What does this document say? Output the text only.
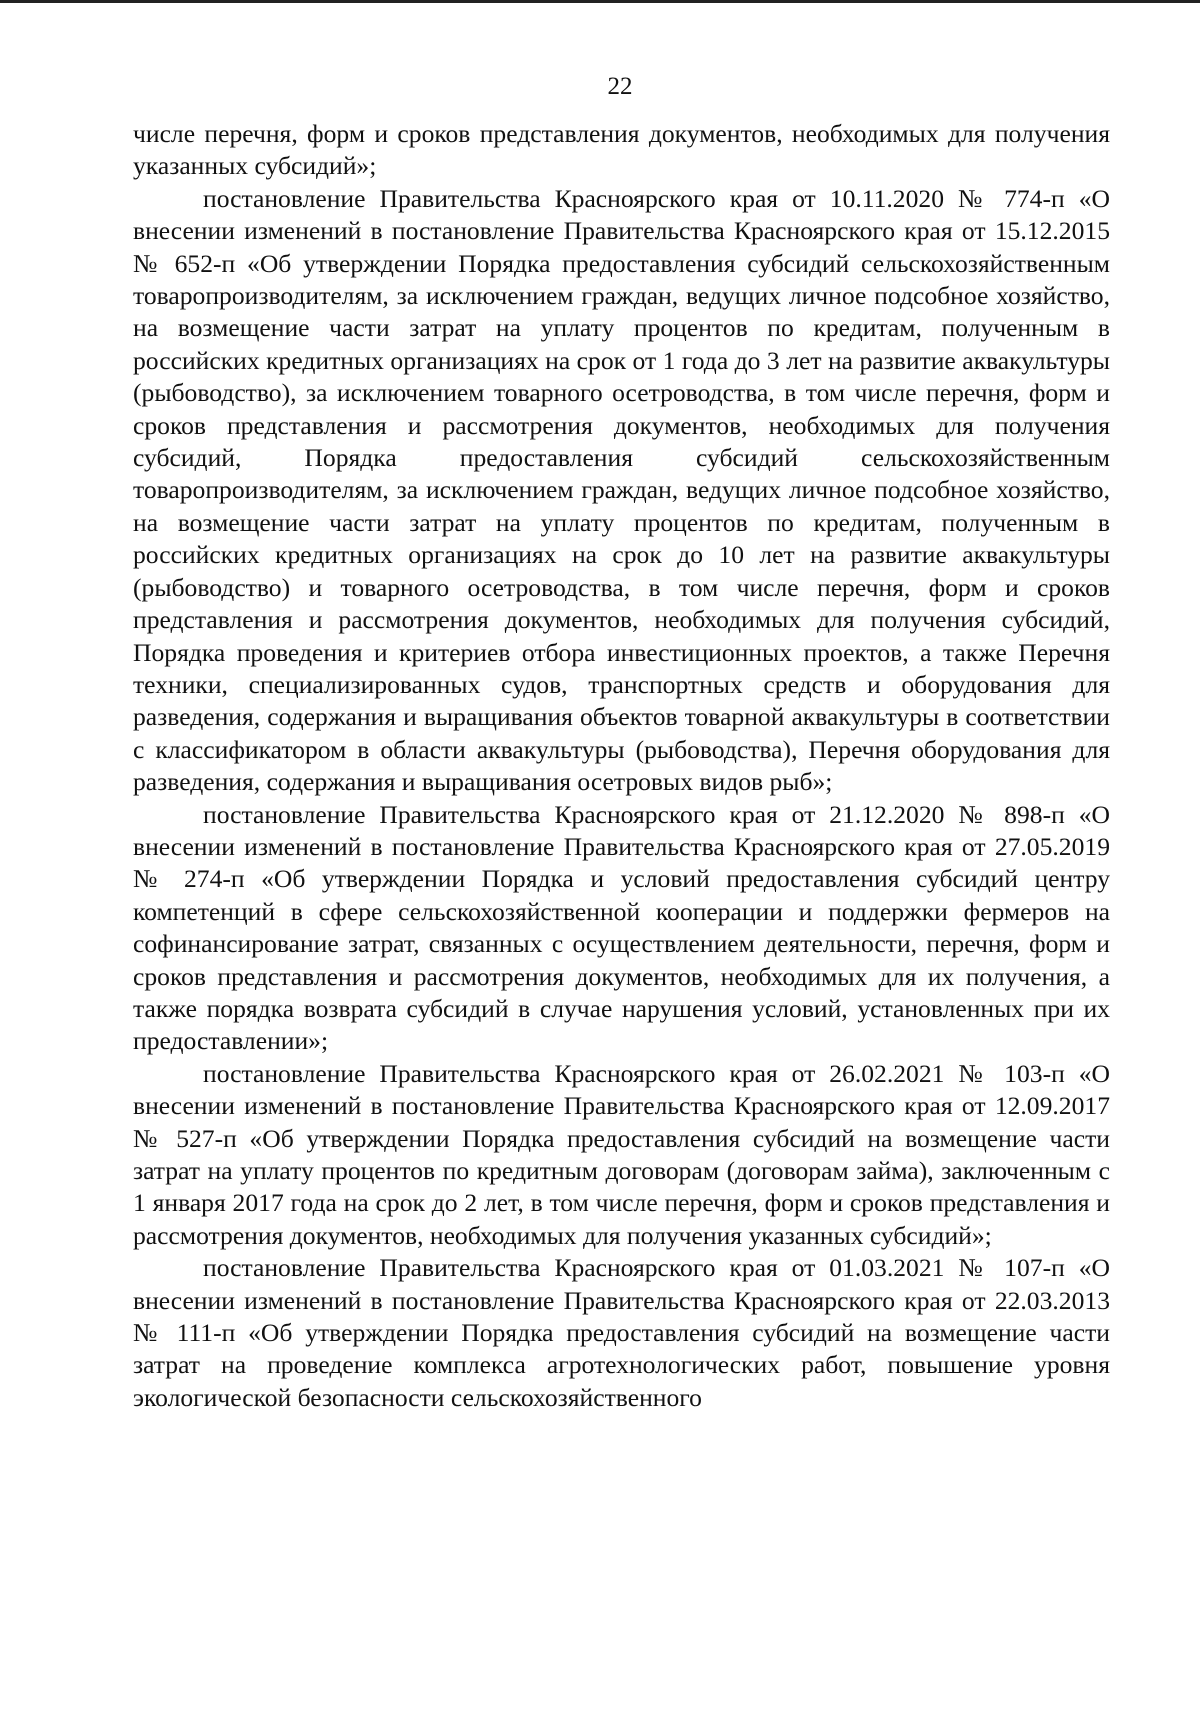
22

числе перечня, форм и сроков представления документов, необходимых для получения указанных субсидий»;

постановление Правительства Красноярского края от 10.11.2020 № 774-п «О внесении изменений в постановление Правительства Красноярского края от 15.12.2015 № 652-п «Об утверждении Порядка предоставления субсидий сельскохозяйственным товаропроизводителям, за исключением граждан, ведущих личное подсобное хозяйство, на возмещение части затрат на уплату процентов по кредитам, полученным в российских кредитных организациях на срок от 1 года до 3 лет на развитие аквакультуры (рыбоводство), за исключением товарного осетроводства, в том числе перечня, форм и сроков представления и рассмотрения документов, необходимых для получения субсидий, Порядка предоставления субсидий сельскохозяйственным товаропроизводителям, за исключением граждан, ведущих личное подсобное хозяйство, на возмещение части затрат на уплату процентов по кредитам, полученным в российских кредитных организациях на срок до 10 лет на развитие аквакультуры (рыбоводство) и товарного осетроводства, в том числе перечня, форм и сроков представления и рассмотрения документов, необходимых для получения субсидий, Порядка проведения и критериев отбора инвестиционных проектов, а также Перечня техники, специализированных судов, транспортных средств и оборудования для разведения, содержания и выращивания объектов товарной аквакультуры в соответствии с классификатором в области аквакультуры (рыбоводства), Перечня оборудования для разведения, содержания и выращивания осетровых видов рыб»;

постановление Правительства Красноярского края от 21.12.2020 № 898-п «О внесении изменений в постановление Правительства Красноярского края от 27.05.2019 № 274-п «Об утверждении Порядка и условий предоставления субсидий центру компетенций в сфере сельскохозяйственной кооперации и поддержки фермеров на софинансирование затрат, связанных с осуществлением деятельности, перечня, форм и сроков представления и рассмотрения документов, необходимых для их получения, а также порядка возврата субсидий в случае нарушения условий, установленных при их предоставлении»;

постановление Правительства Красноярского края от 26.02.2021 № 103-п «О внесении изменений в постановление Правительства Красноярского края от 12.09.2017 № 527-п «Об утверждении Порядка предоставления субсидий на возмещение части затрат на уплату процентов по кредитным договорам (договорам займа), заключенным с 1 января 2017 года на срок до 2 лет, в том числе перечня, форм и сроков представления и рассмотрения документов, необходимых для получения указанных субсидий»;

постановление Правительства Красноярского края от 01.03.2021 № 107-п «О внесении изменений в постановление Правительства Красноярского края от 22.03.2013 № 111-п «Об утверждении Порядка предоставления субсидий на возмещение части затрат на проведение комплекса агротехнологических работ, повышение уровня экологической безопасности сельскохозяйственного
